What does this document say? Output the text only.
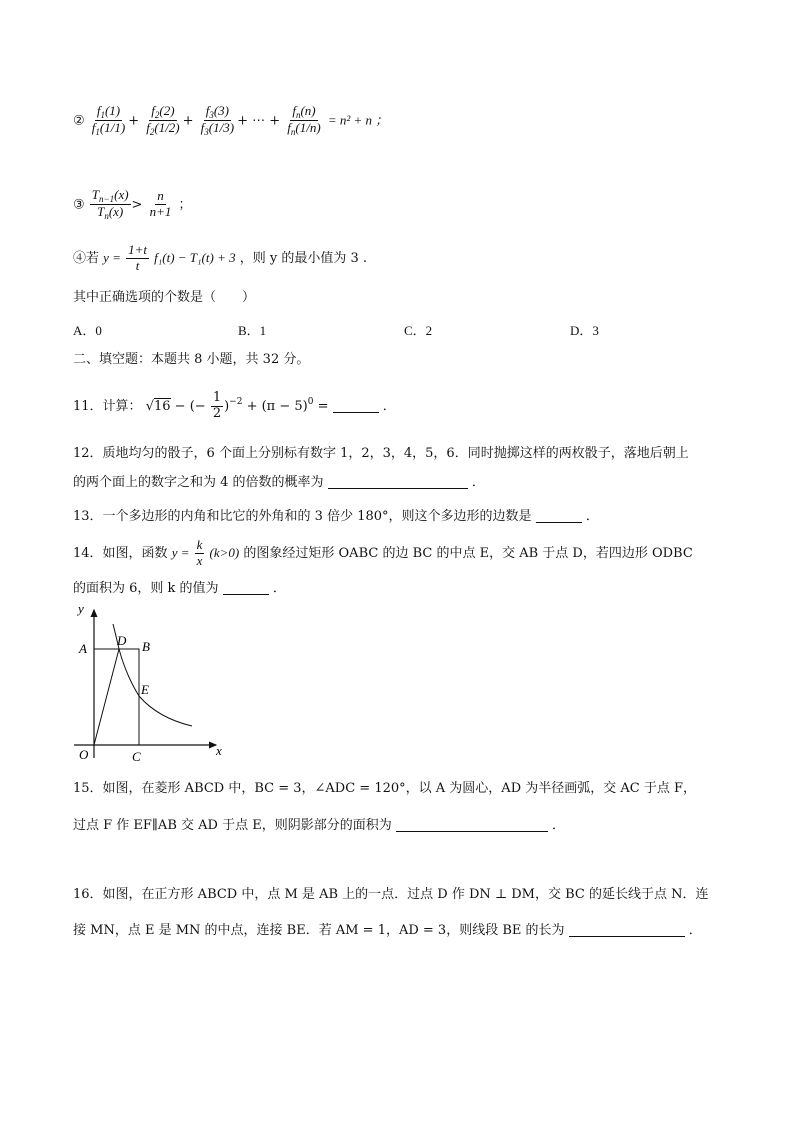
② $\frac{f_1(1)}{f_1(1/1)} + \frac{f_2(2)}{f_2(1/2)} + \frac{f_3(3)}{f_3(1/3)}$ + ⋯ + $\frac{f_n(n)}{f_n(1/n)} = n^2 + n$ ；
③ $\frac{T_{n-1}(x)}{T_n(x)} > \frac{n}{n+1}$ ；
④若 $y = \frac{1+t}{t} f_1(t) - T_1(t) + 3$ ，则 y 的最小值为 3 .
其中正确选项的个数是（　　）
A．0	B．1	C．2	D．3
二、填空题：本题共 8 小题，共 32 分。
11．计算： √16 − (− $\frac{1}{2} )^{-2} + (\pi - 5)^0$ =	．
12．质地均匀的骰子，6 个面上分别标有数字 1，2，3，4，5，6．同时抛掷这样的两枚骰子，落地后朝上
的两个面上的数字之和为 4 的倍数的概率为	．
13．一个多边形的内角和比它的外角和的 3 倍少 180°，则这个多边形的边数是	．
14．如图，函数 $y = \frac{k}{x} (k>0)$ 的图象经过矩形 OABC 的边 BC 的中点 E，交 AB 于点 D，若四边形 ODBC
的面积为 6，则 k 的值为	．
y
x
O
A	B
C
D
E
15．如图，在菱形 ABCD 中，BC = 3，∠ADC = 120°，以 A 为圆心，AD 为半径画弧，交 AC 于点 F，
过点 F 作 EF∥AB 交 AD 于点 E，则阴影部分的面积为	．
16．如图，在正方形 ABCD 中，点 M 是 AB 上的一点．过点 D 作 DN ⊥ DM，交 BC 的延长线于点 N．连
接 MN，点 E 是 MN 的中点，连接 BE．若 AM = 1，AD = 3，则线段 BE 的长为	．
